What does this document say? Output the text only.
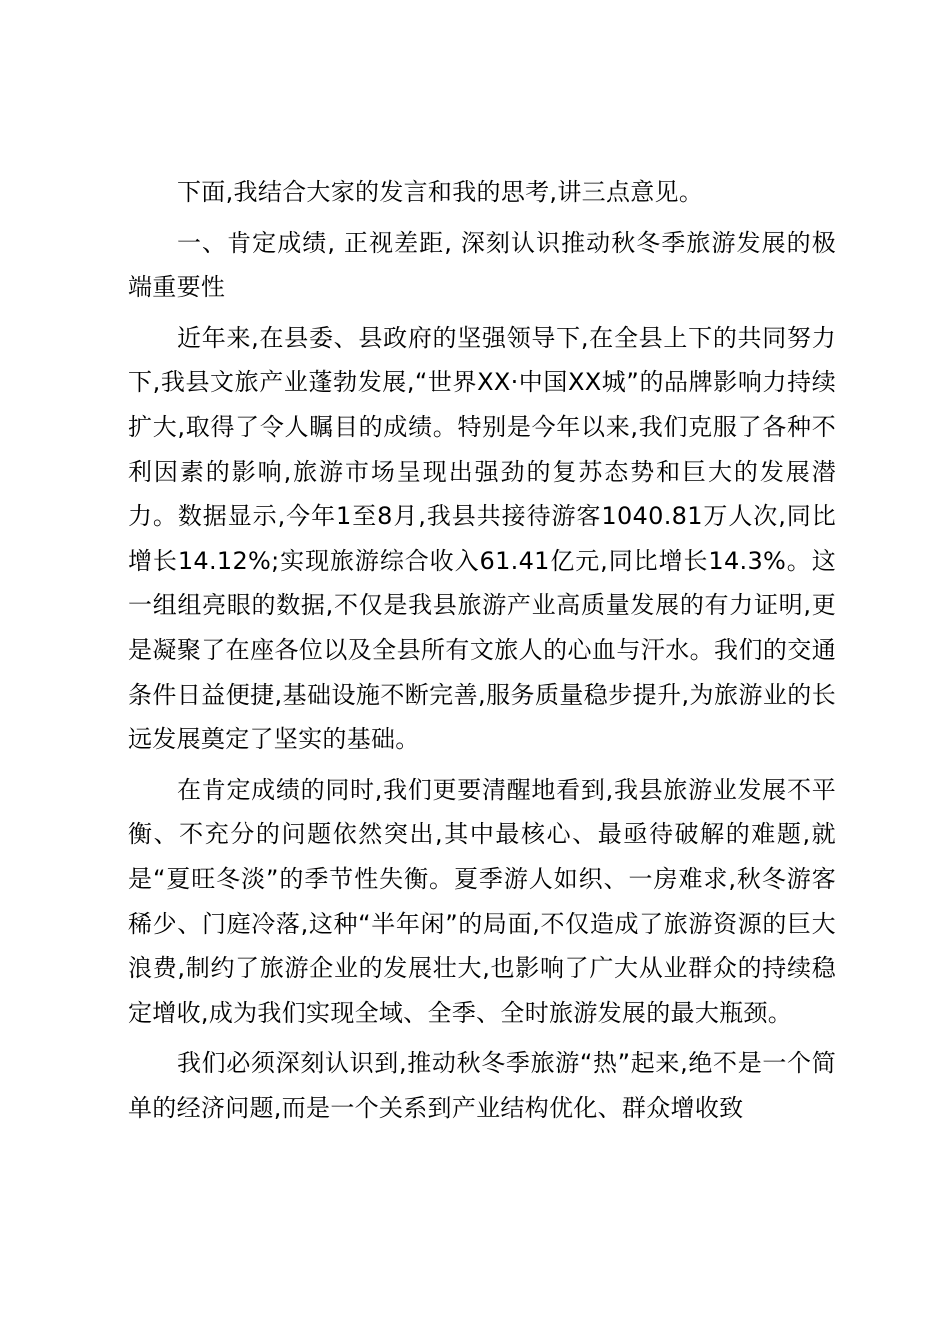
下面,我结合大家的发言和我的思考,讲三点意见。

一、肯定成绩, 正视差距, 深刻认识推动秋冬季旅游发展的极端重要性

近年来,在县委、县政府的坚强领导下,在全县上下的共同努力下,我县文旅产业蓬勃发展,“世界XX·中国XX城”的品牌影响力持续扩大,取得了令人瞩目的成绩。特别是今年以来,我们克服了各种不利因素的影响,旅游市场呈现出强劲的复苏态势和巨大的发展潜力。数据显示,今年1至8月,我县共接待游客1040.81万人次,同比增长14.12%;实现旅游综合收入61.41亿元,同比增长14.3%。这一组组亮眼的数据,不仅是我县旅游产业高质量发展的有力证明,更是凝聚了在座各位以及全县所有文旅人的心血与汗水。我们的交通条件日益便捷,基础设施不断完善,服务质量稳步提升,为旅游业的长远发展奠定了坚实的基础。

在肯定成绩的同时,我们更要清醒地看到,我县旅游业发展不平衡、不充分的问题依然突出,其中最核心、最亟待破解的难题,就是“夏旺冬淡”的季节性失衡。夏季游人如织、一房难求,秋冬游客稀少、门庭冷落,这种“半年闲”的局面,不仅造成了旅游资源的巨大浪费,制约了旅游企业的发展壮大,也影响了广大从业群众的持续稳定增收,成为我们实现全域、全季、全时旅游发展的最大瓶颈。

我们必须深刻认识到,推动秋冬季旅游“热”起来,绝不是一个简单的经济问题,而是一个关系到产业结构优化、群众增收致
